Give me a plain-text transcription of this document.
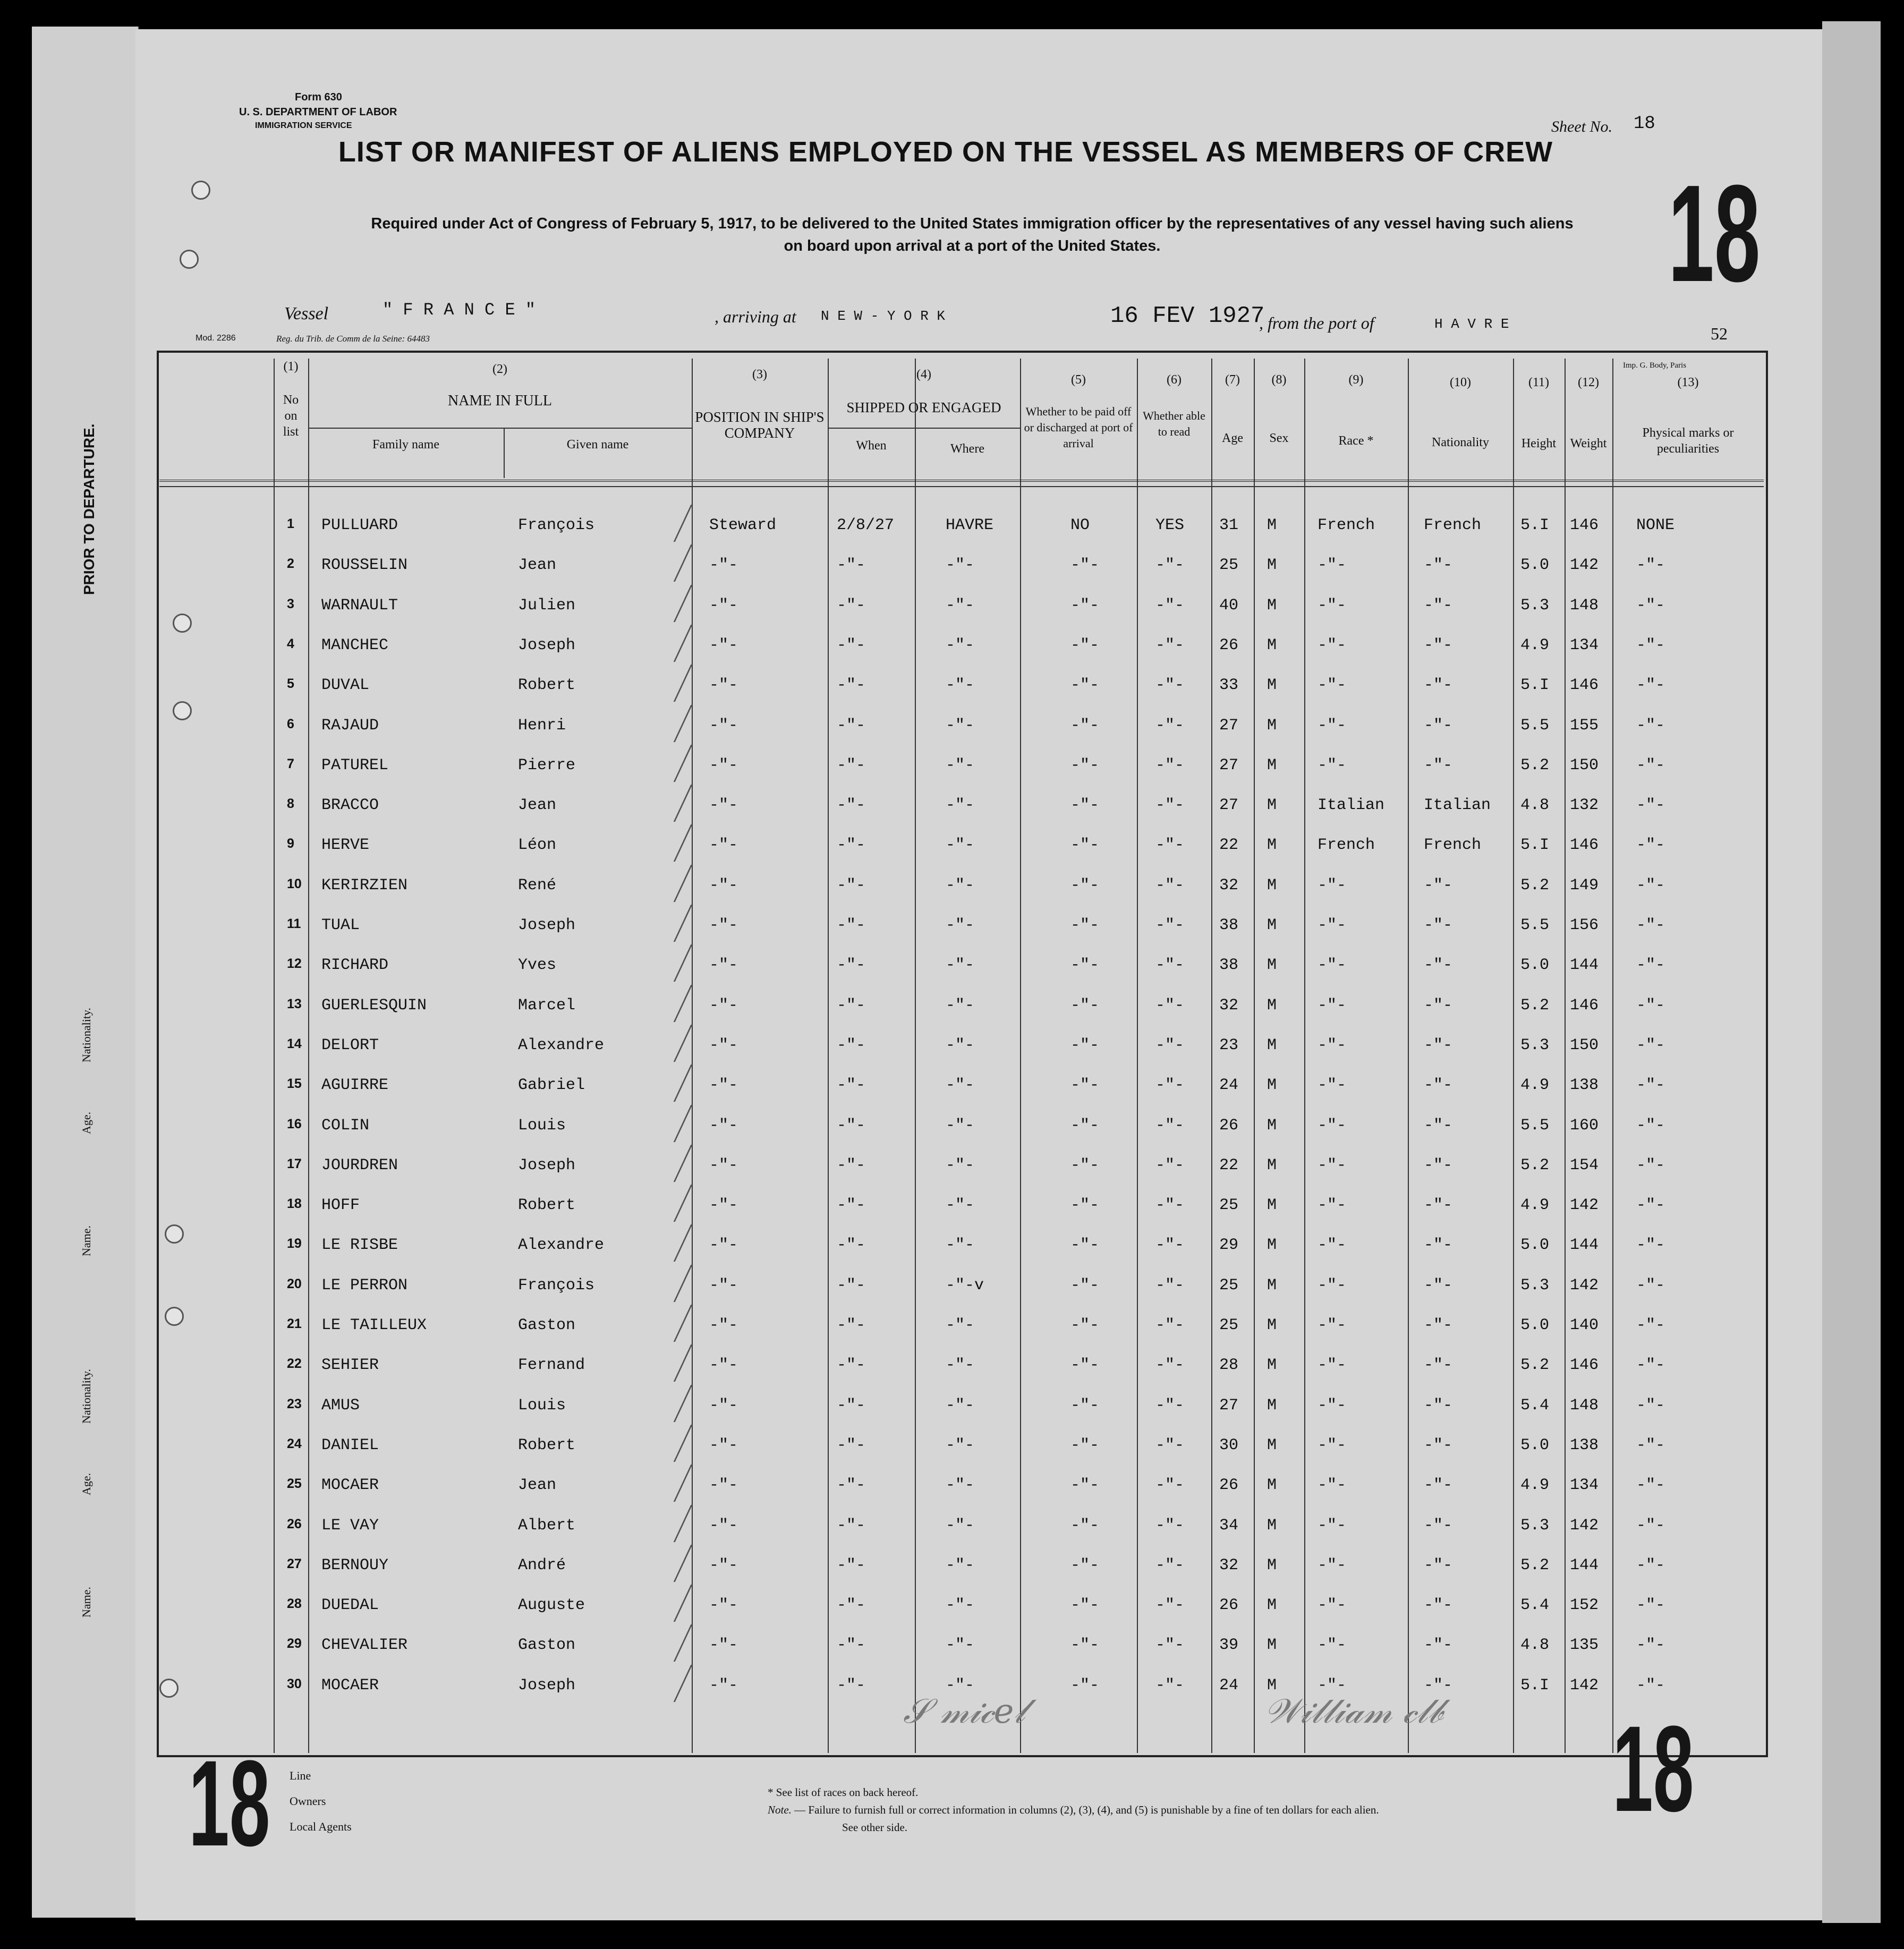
Form 630
U. S. DEPARTMENT OF LABOR
IMMIGRATION SERVICE	Sheet No. 18
LIST OR MANIFEST OF ALIENS EMPLOYED ON THE VESSEL AS MEMBERS OF CREW
Required under Act of Congress of February 5, 1917, to be delivered to the United States immigration officer by the representatives of any vessel having such aliens
on board upon arrival at a port of the United States.	18
Vessel	" F R A N C E "	, arriving at N E W - Y O R K	16 FEV 1927
, from the port of	H A V R E	52
Mod. 2286	Reg. du Trib. de Comm de la Seine: 64483
Imp. G. Body, Paris
PRIOR TO DEPARTURE.
Nationality.
Age.
Name.
Nationality.
Age.
Name.
(1)
No on list
(2)
NAME IN FULL
Family name	Given name
(3)
POSITION IN SHIP'S COMPANY
(4)
SHIPPED OR ENGAGED
When	Where
(5)
Whether to be paid off or discharged at port of arrival
(6)
Whether able to read
(7)
Age
(8)
Sex
(9)
Race *
(10)
Nationality
(11)
Height
(12)
Weight
(13)
Physical marks or peculiarities
1 PULLUARD	François	Steward	2/8/27	HAVRE	NO	YES 31 M	French	French 5.I 146 NONE
2 ROUSSELIN	Jean	-"-	-"-	-"-	-"-	-"- 25 M	-"-	-"-	5.0 142 -"-
3 WARNAULT	Julien	-"-	-"-	-"-	-"-	-"- 40 M	-"-	-"-	5.3 148 -"-
4 MANCHEC	Joseph	-"-	-"-	-"-	-"-	-"- 26 M	-"-	-"-	4.9 134 -"-
5 DUVAL	Robert	-"-	-"-	-"-	-"-	-"- 33 M	-"-	-"-	5.I 146 -"-
6 RAJAUD	Henri	-"-	-"-	-"-	-"-	-"- 27 M	-"-	-"-	5.5 155 -"-
7 PATUREL	Pierre	-"-	-"-	-"-	-"-	-"- 27 M	-"-	-"-	5.2 150 -"-
8 BRACCO	Jean	-"-	-"-	-"-	-"-	-"- 27 M	Italian Italian 4.8 132 -"-
9 HERVE	Léon	-"-	-"-	-"-	-"-	-"- 22 M	French	French 5.I 146 -"-
10 KERIRZIEN	René	-"-	-"-	-"-	-"-	-"- 32 M	-"-	-"-	5.2 149 -"-
11 TUAL	Joseph	-"-	-"-	-"-	-"-	-"- 38 M	-"-	-"-	5.5 156 -"-
12 RICHARD	Yves	-"-	-"-	-"-	-"-	-"- 38 M	-"-	-"-	5.0 144 -"-
13 GUERLESQUIN	Marcel	-"-	-"-	-"-	-"-	-"- 32 M	-"-	-"-	5.2 146 -"-
14 DELORT	Alexandre	-"-	-"-	-"-	-"-	-"- 23 M	-"-	-"-	5.3 150 -"-
15 AGUIRRE	Gabriel	-"-	-"-	-"-	-"-	-"- 24 M	-"-	-"-	4.9 138 -"-
16 COLIN	Louis	-"-	-"-	-"-	-"-	-"- 26 M	-"-	-"-	5.5 160 -"-
17 JOURDREN	Joseph	-"-	-"-	-"-	-"-	-"- 22 M	-"-	-"-	5.2 154 -"-
18 HOFF	Robert	-"-	-"-	-"-	-"-	-"- 25 M	-"-	-"-	4.9 142 -"-
19 LE RISBE	Alexandre	-"-	-"-	-"-	-"-	-"- 29 M	-"-	-"-	5.0 144 -"-
20 LE PERRON	François	-"-	-"-	-"-v	-"-	-"- 25 M	-"-	-"-	5.3 142 -"-
21 LE TAILLEUX	Gaston	-"-	-"-	-"-	-"-	-"- 25 M	-"-	-"-	5.0 140 -"-
22 SEHIER	Fernand	-"-	-"-	-"-	-"-	-"- 28 M	-"-	-"-	5.2 146 -"-
23 AMUS	Louis	-"-	-"-	-"-	-"-	-"- 27 M	-"-	-"-	5.4 148 -"-
24 DANIEL	Robert	-"-	-"-	-"-	-"-	-"- 30 M	-"-	-"-	5.0 138 -"-
25 MOCAER	Jean	-"-	-"-	-"-	-"-	-"- 26 M	-"-	-"-	4.9 134 -"-
26 LE VAY	Albert	-"-	-"-	-"-	-"-	-"- 34 M	-"-	-"-	5.3 142 -"-
27 BERNOUY	André	-"-	-"-	-"-	-"-	-"- 32 M	-"-	-"-	5.2 144 -"-
28 DUEDAL	Auguste	-"-	-"-	-"-	-"-	-"- 26 M	-"-	-"-	5.4 152 -"-
29 CHEVALIER	Gaston	-"-	-"-	-"-	-"-	-"- 39 M	-"-	-"-	4.8 135 -"-
30 MOCAER	Joseph	-"-	-"-	-"-	-"-	-"- 24 M	-"-	-"-	5.I 142 -"-
𝒮 𝓂𝒾𝒸𝑒𝓁	𝒲𝒾𝓁𝓁𝒾𝒶𝓂 𝒸𝓁𝒷
18	18
Line
Owners
Local Agents
* See list of races on back hereof.
Note. — Failure to furnish full or correct information in columns (2), (3), (4), and (5) is punishable by a fine of ten dollars for each alien.
See other side.
